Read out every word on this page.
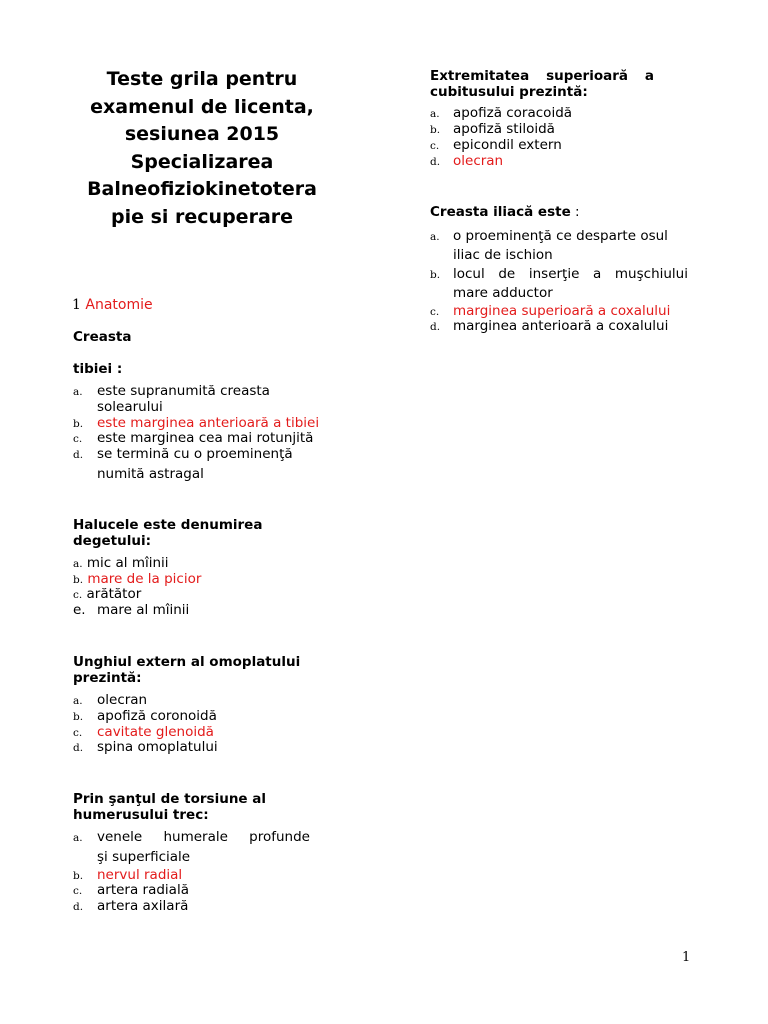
Teste grila pentru
examenul de licenta,
sesiunea 2015
Specializarea
Balneofiziokinetotera
pie si recuperare
1 Anatomie
Creasta
tibiei :
a. este supranumită creasta
solearului
b. este marginea anterioară a tibiei
c. este marginea cea mai rotunjită
d. se termină cu o proeminenţă
numită astragal
Halucele este denumirea
degetului:
a. mic al mîinii
b. mare de la picior
c. arătător
e. mare al mîinii
Unghiul extern al omoplatului
prezintă:
a. olecran
b. apofiză coronoidă
c. cavitate glenoidă
d. spina omoplatului
Prin şanţul de torsiune al
humerusului trec:
a. venele humerale profunde
şi superficiale
b. nervul radial
c. artera radială
d. artera axilară
Extremitatea superioară a
cubitusului prezintă:
a. apofiză coracoidă
b. apofiză stiloidă
c. epicondil extern
d. olecran
Creasta iliacă este :
a. o proeminenţă ce desparte osul
iliac de ischion
b. locul de inserţie a muşchiului
mare adductor
c. marginea superioară a coxalului
d. marginea anterioară a coxalului
1
